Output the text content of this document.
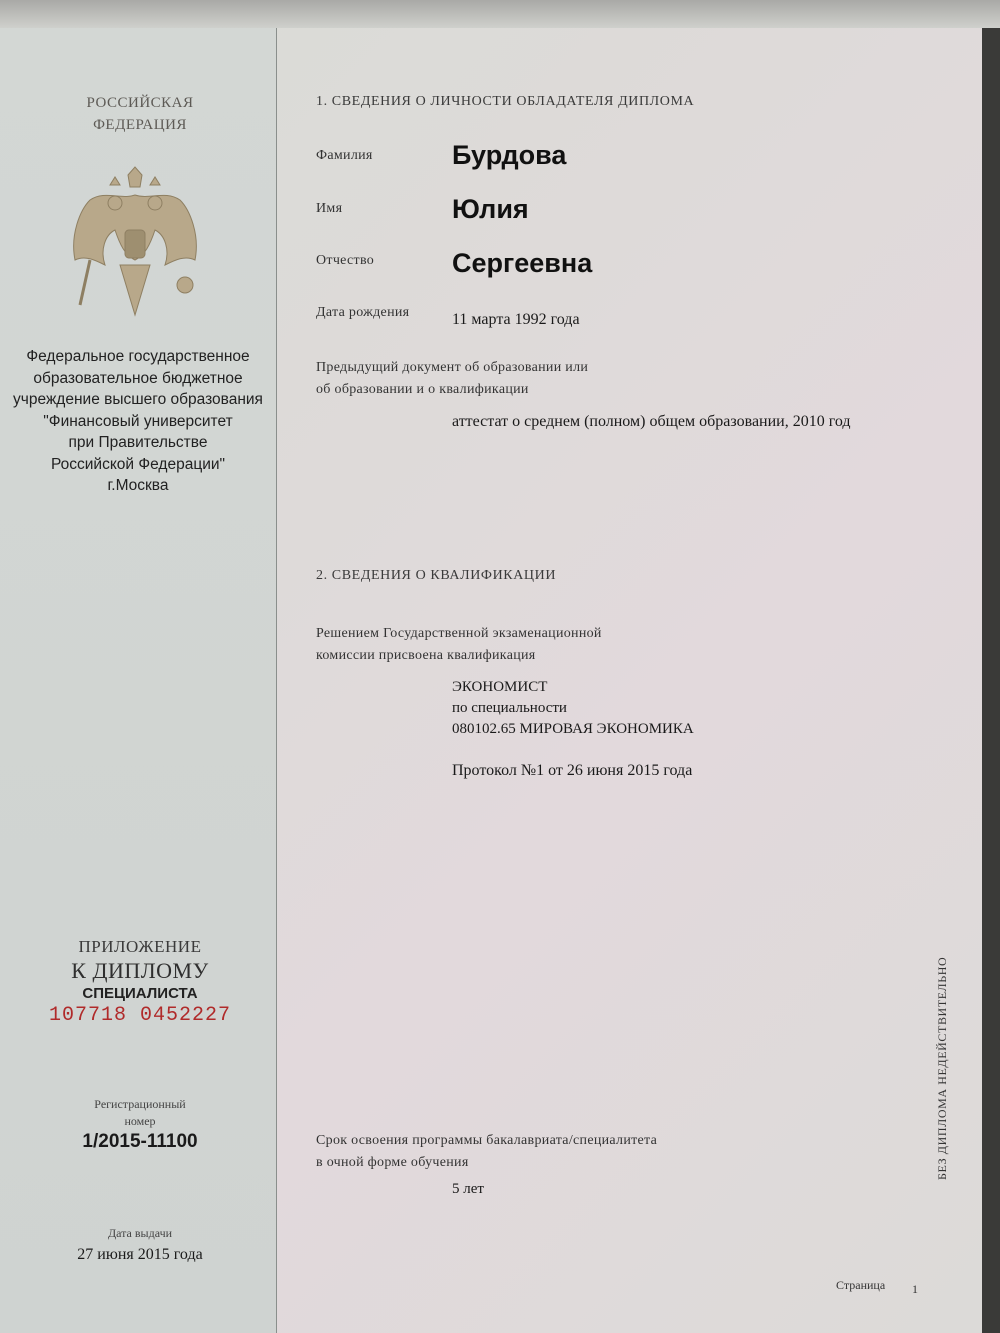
РОССИЙСКАЯ
ФЕДЕРАЦИЯ
Федеральное государственное
образовательное бюджетное
учреждение высшего образования
"Финансовый университет
при Правительстве
Российской Федерации"
г.Москва
ПРИЛОЖЕНИЕ
К ДИПЛОМУ
СПЕЦИАЛИСТА
107718 0452227
Регистрационный
номер
1/2015-11100
Дата выдачи
27 июня 2015 года
1. СВЕДЕНИЯ О ЛИЧНОСТИ ОБЛАДАТЕЛЯ ДИПЛОМА
Фамилия	Бурдова
Имя	Юлия
Отчество	Сергеевна
Дата рождения	11 марта 1992 года
Предыдущий документ об образовании или
об образовании и о квалификации
аттестат о среднем (полном) общем образовании, 2010 год
2. СВЕДЕНИЯ О КВАЛИФИКАЦИИ
Решением Государственной экзаменационной
комиссии присвоена квалификация
ЭКОНОМИСТ
по специальности
080102.65 МИРОВАЯ ЭКОНОМИКА
Протокол №1 от 26 июня 2015 года
Срок освоения программы бакалавриата/специалитета
в очной форме обучения
5 лет
БЕЗ ДИПЛОМА НЕДЕЙСТВИТЕЛЬНО
Страница 1
